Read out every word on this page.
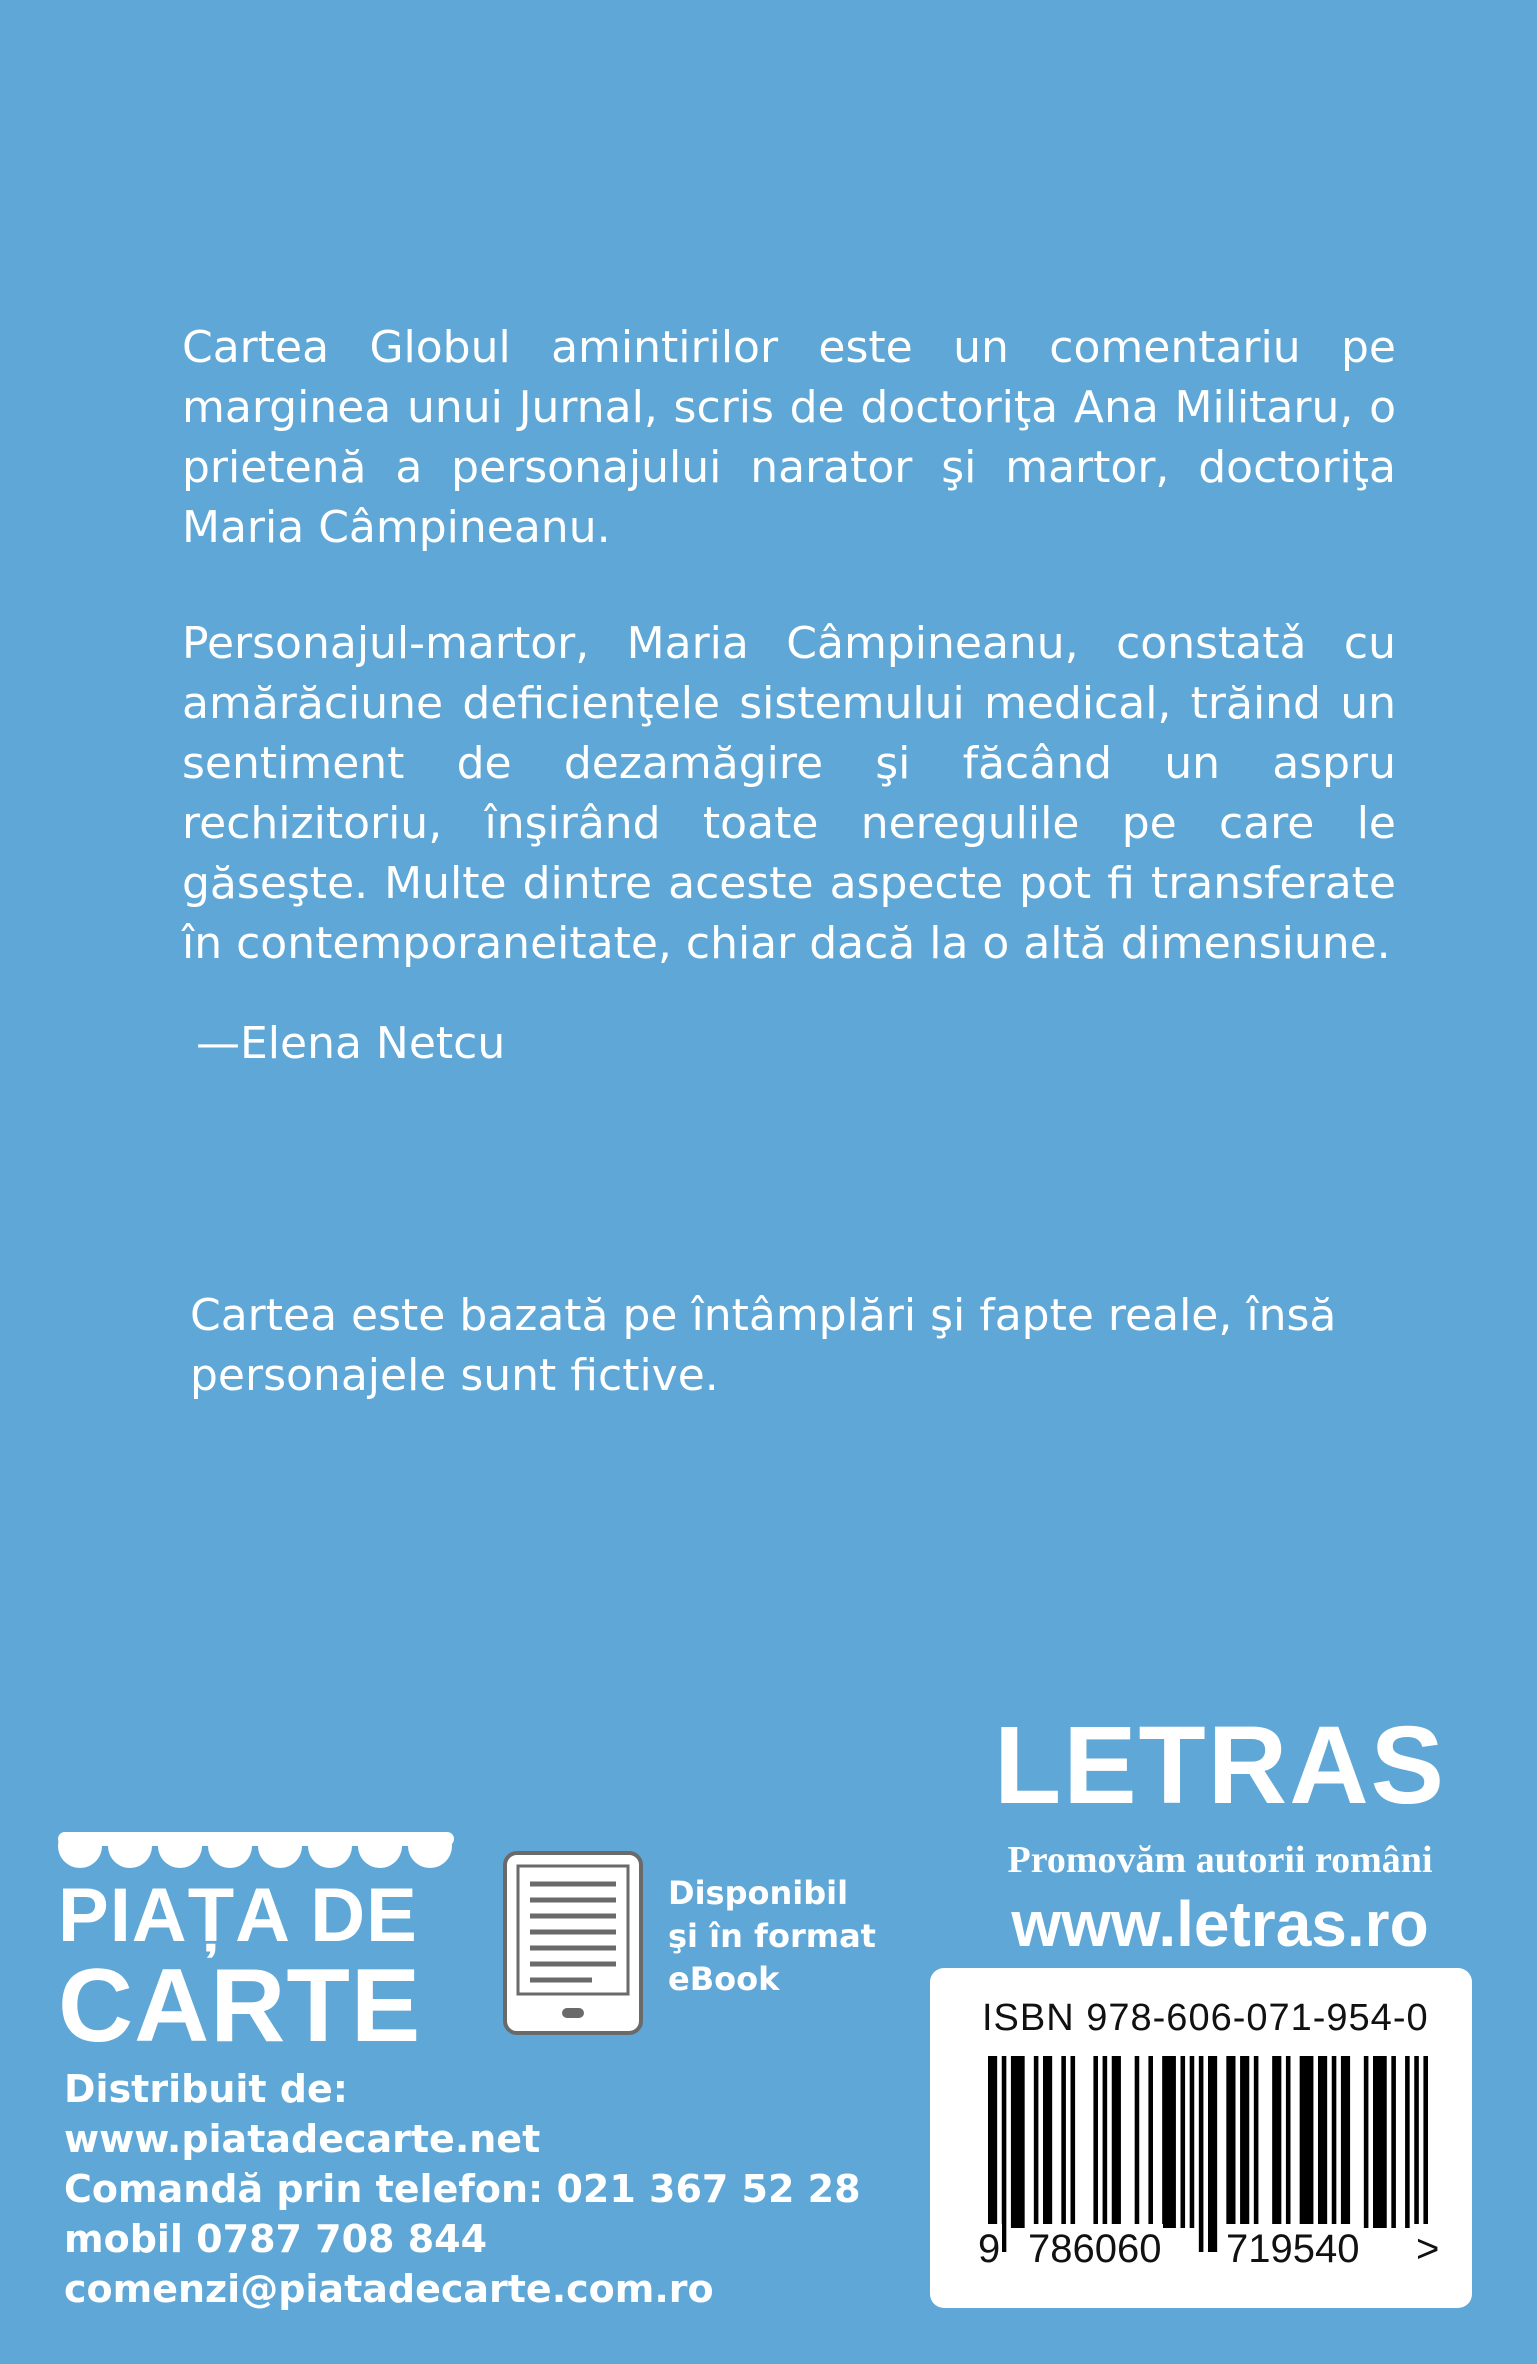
Cartea Globul amintirilor este un comentariu pe marginea unui Jurnal, scris de doctoriţa Ana Militaru, o prietenă a personajului narator şi martor, doctoriţa Maria Câmpineanu.

Personajul-martor, Maria Câmpineanu, constatǎ cu amărăciune deficienţele sistemului medical, trăind un sentiment de dezamăgire şi făcând un aspru rechizitoriu, înşirând toate neregulile pe care le găseşte. Multe dintre aceste aspecte pot fi transferate în contemporaneitate, chiar dacă la o altă dimensiune.

—Elena Netcu

Cartea este bazată pe întâmplări şi fapte reale, însă personajele sunt fictive.

PIAȚA DE
CARTE
Disponibil
şi în format
eBook
Distribuit de:
www.piatadecarte.net
Comandă prin telefon: 021 367 52 28
mobil 0787 708 844
comenzi@piatadecarte.com.ro
LETRAS
Promovăm autorii români
www.letras.ro
ISBN 978-606-071-954-0
9 786060 719540 >
